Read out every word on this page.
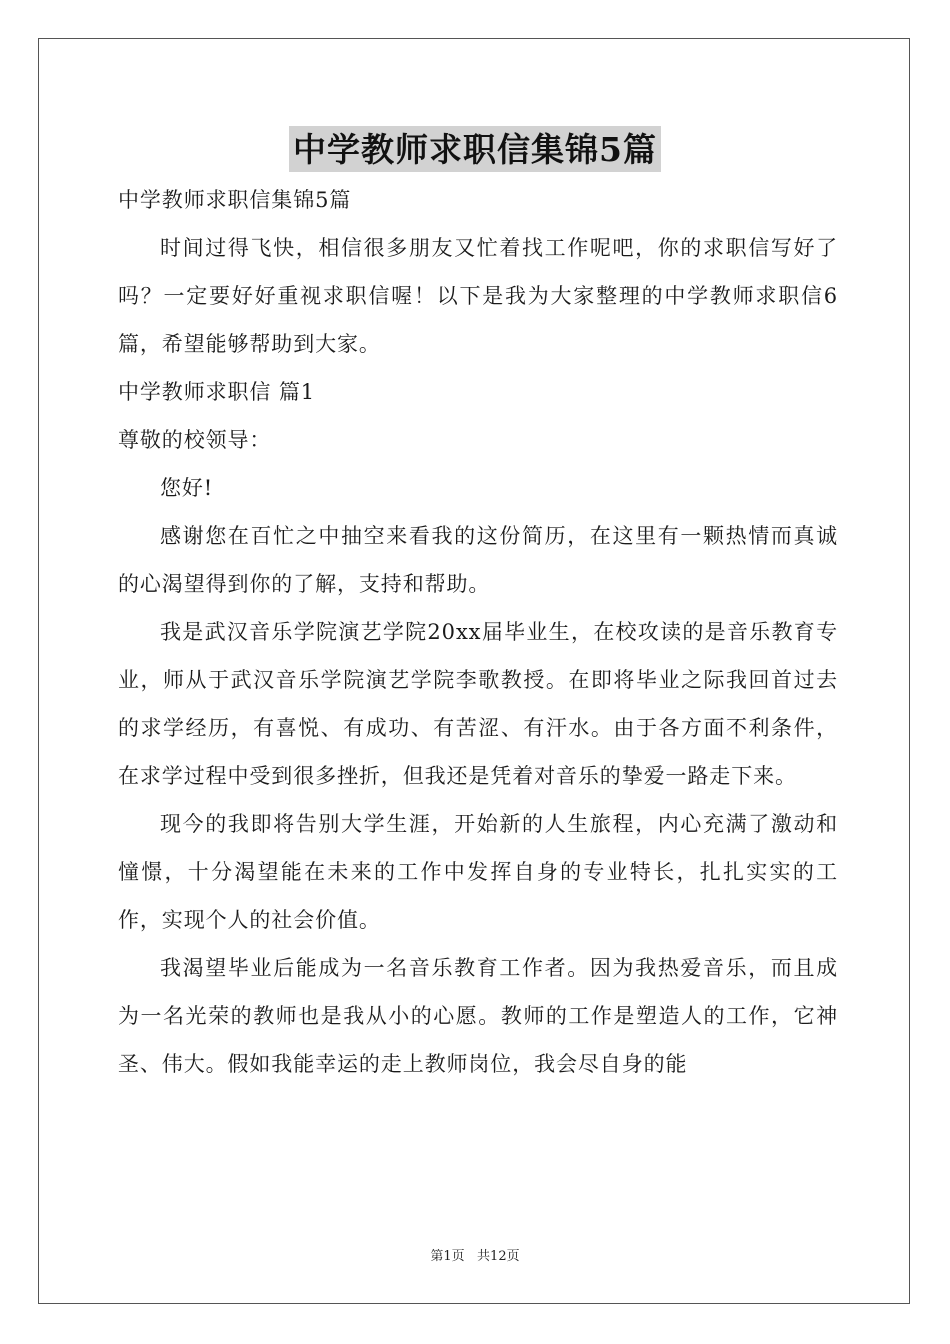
中学教师求职信集锦5篇

中学教师求职信集锦5篇

时间过得飞快，相信很多朋友又忙着找工作呢吧，你的求职信写好了吗？一定要好好重视求职信喔！以下是我为大家整理的中学教师求职信6篇，希望能够帮助到大家。

中学教师求职信 篇1

尊敬的校领导：

您好!

感谢您在百忙之中抽空来看我的这份简历，在这里有一颗热情而真诚的心渴望得到你的了解，支持和帮助。

我是武汉音乐学院演艺学院20xx届毕业生，在校攻读的是音乐教育专业，师从于武汉音乐学院演艺学院李歌教授。在即将毕业之际我回首过去的求学经历，有喜悦、有成功、有苦涩、有汗水。由于各方面不利条件，在求学过程中受到很多挫折，但我还是凭着对音乐的挚爱一路走下来。

现今的我即将告别大学生涯，开始新的人生旅程，内心充满了激动和憧憬，十分渴望能在未来的工作中发挥自身的专业特长，扎扎实实的工作，实现个人的社会价值。

我渴望毕业后能成为一名音乐教育工作者。因为我热爱音乐，而且成为一名光荣的教师也是我从小的心愿。教师的工作是塑造人的工作，它神圣、伟大。假如我能幸运的走上教师岗位，我会尽自身的能

第1页   共12页
